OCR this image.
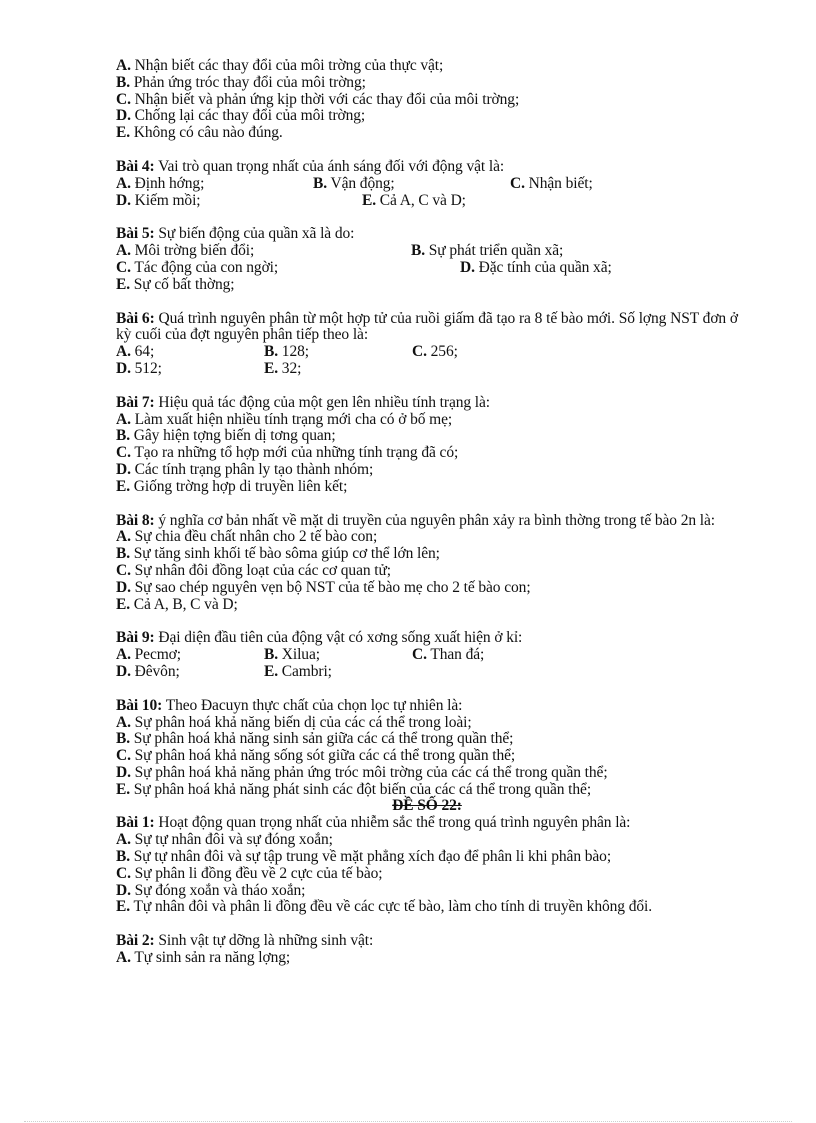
A. Nhận biết các thay đổi của môi trờng của thực vật;
B. Phản ứng tróc thay đổi của môi trờng;
C. Nhận biết và phản ứng kịp thời với các thay đổi của môi trờng;
D. Chống lại các thay đổi của môi trờng;
E. Không có câu nào đúng.
Bài 4: Vai trò quan trọng nhất của ánh sáng đối với động vật là:
A. Định hớng;	B. Vận động;	C. Nhận biết;
D. Kiếm mồi;	E. Cả A, C và D;
Bài 5: Sự biến động của quần xã là do:
A. Môi trờng biến đổi;	B. Sự phát triển quần xã;
C. Tác động của con ngời;	D. Đặc tính của quần xã;
E. Sự cố bất thờng;
Bài 6: Quá trình nguyên phân từ một hợp tử của ruồi giấm đã tạo ra 8 tế bào mới. Số lợng NST đơn ở kỳ cuối của đợt nguyên phân tiếp theo là:
A. 64;	B. 128;	C. 256;
D. 512;	E. 32;
Bài 7: Hiệu quả tác động của một gen lên nhiều tính trạng là:
A. Làm xuất hiện nhiều tính trạng mới cha có ở bố mẹ;
B. Gây hiện tợng biến dị tơng quan;
C. Tạo ra những tổ hợp mới của những tính trạng đã có;
D. Các tính trạng phân ly tạo thành nhóm;
E. Giống trờng hợp di truyền liên kết;
Bài 8: ý nghĩa cơ bản nhất về mặt di truyền của nguyên phân xảy ra bình thờng trong tế bào 2n là:
A. Sự chia đều chất nhân cho 2 tế bào con;
B. Sự tăng sinh khối tế bào sôma giúp cơ thể lớn lên;
C. Sự nhân đôi đồng loạt của các cơ quan tử;
D. Sự sao chép nguyên vẹn bộ NST của tế bào mẹ cho 2 tế bào con;
E. Cả A, B, C và D;
Bài 9: Đại diện đầu tiên của động vật có xơng sống xuất hiện ở kỉ:
A. Pecmơ;	B. Xilua;	C. Than đá;
D. Đêvôn;	E. Cambri;
Bài 10: Theo Đacuyn thực chất của chọn lọc tự nhiên là:
A. Sự phân hoá khả năng biến dị của các cá thể trong loài;
B. Sự phân hoá khả năng sinh sản giữa các cá thể trong quần thể;
C. Sự phân hoá khả năng sống sót giữa các cá thể trong quần thể;
D. Sự phân hoá khả năng phản ứng tróc môi trờng của các cá thể trong quần thể;
E. Sự phân hoá khả năng phát sinh các đột biến của các cá thể trong quần thể;
ĐỀ SỐ 22:
Bài 1: Hoạt động quan trọng nhất của nhiễm sắc thể trong quá trình nguyên phân là:
A. Sự tự nhân đôi và sự đóng xoắn;
B. Sự tự nhân đôi và sự tập trung về mặt phẳng xích đạo để phân li khi phân bào;
C. Sự phân li đồng đều về 2 cực của tế bào;
D. Sự đóng xoắn và tháo xoắn;
E. Tự nhân đôi và phân li đồng đều về các cực tế bào, làm cho tính di truyền không đổi.
Bài 2: Sinh vật tự dỡng là những sinh vật:
A. Tự sinh sản ra năng lợng;
